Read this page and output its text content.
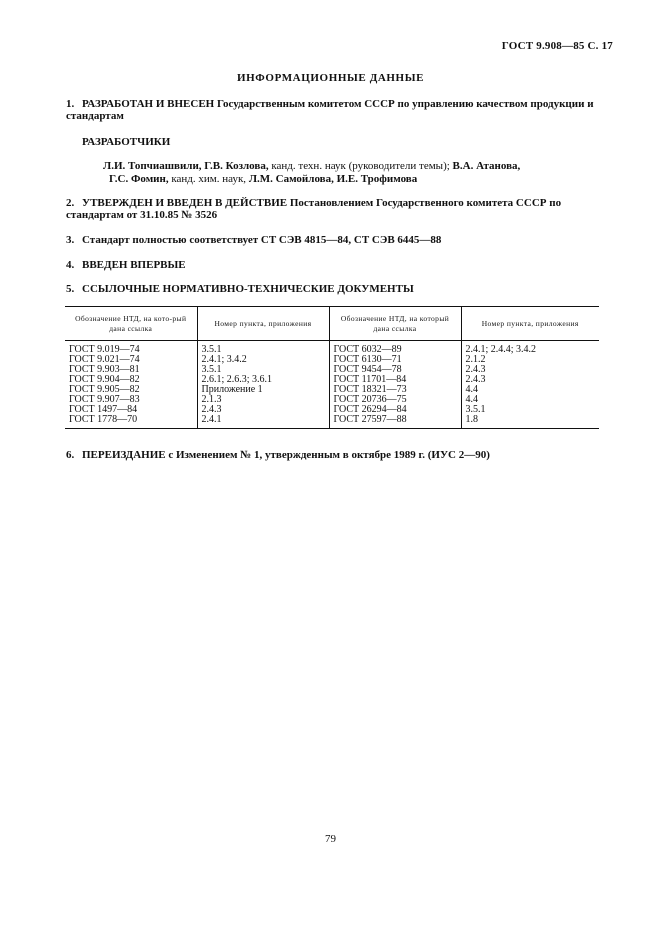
ГОСТ 9.908—85 С. 17
ИНФОРМАЦИОННЫЕ ДАННЫЕ
1. РАЗРАБОТАН И ВНЕСЕН Государственным комитетом СССР по управлению качеством продукции и стандартам
РАЗРАБОТЧИКИ
Л.И. Топчиашвили, Г.В. Козлова, канд. техн. наук (руководители темы); В.А. Атанова,
Г.С. Фомин, канд. хим. наук, Л.М. Самойлова, И.Е. Трофимова
2. УТВЕРЖДЕН И ВВЕДЕН В ДЕЙСТВИЕ Постановлением Государственного комитета СССР по стандартам от 31.10.85 № 3526
3. Стандарт полностью соответствует СТ СЭВ 4815—84, СТ СЭВ 6445—88
4. ВВЕДЕН ВПЕРВЫЕ
5. ССЫЛОЧНЫЕ НОРМАТИВНО-ТЕХНИЧЕСКИЕ ДОКУМЕНТЫ
Обозначение НТД, на кото-рый дана ссылка	Номер пункта, приложения	Обозначение НТД, на который дана ссылка	Номер пункта, приложения
ГОСТ 9.019—74	3.5.1	ГОСТ 6032—89	2.4.1; 2.4.4; 3.4.2
ГОСТ 9.021—74	2.4.1; 3.4.2	ГОСТ 6130—71	2.1.2
ГОСТ 9.903—81	3.5.1	ГОСТ 9454—78	2.4.3
ГОСТ 9.904—82	2.6.1; 2.6.3; 3.6.1	ГОСТ 11701—84	2.4.3
ГОСТ 9.905—82	Приложение 1	ГОСТ 18321—73	4.4
ГОСТ 9.907—83	2.1.3	ГОСТ 20736—75	4.4
ГОСТ 1497—84	2.4.3	ГОСТ 26294—84	3.5.1
ГОСТ 1778—70	2.4.1	ГОСТ 27597—88	1.8
6. ПЕРЕИЗДАНИЕ с Изменением № 1, утвержденным в октябре 1989 г. (ИУС 2—90)
79
